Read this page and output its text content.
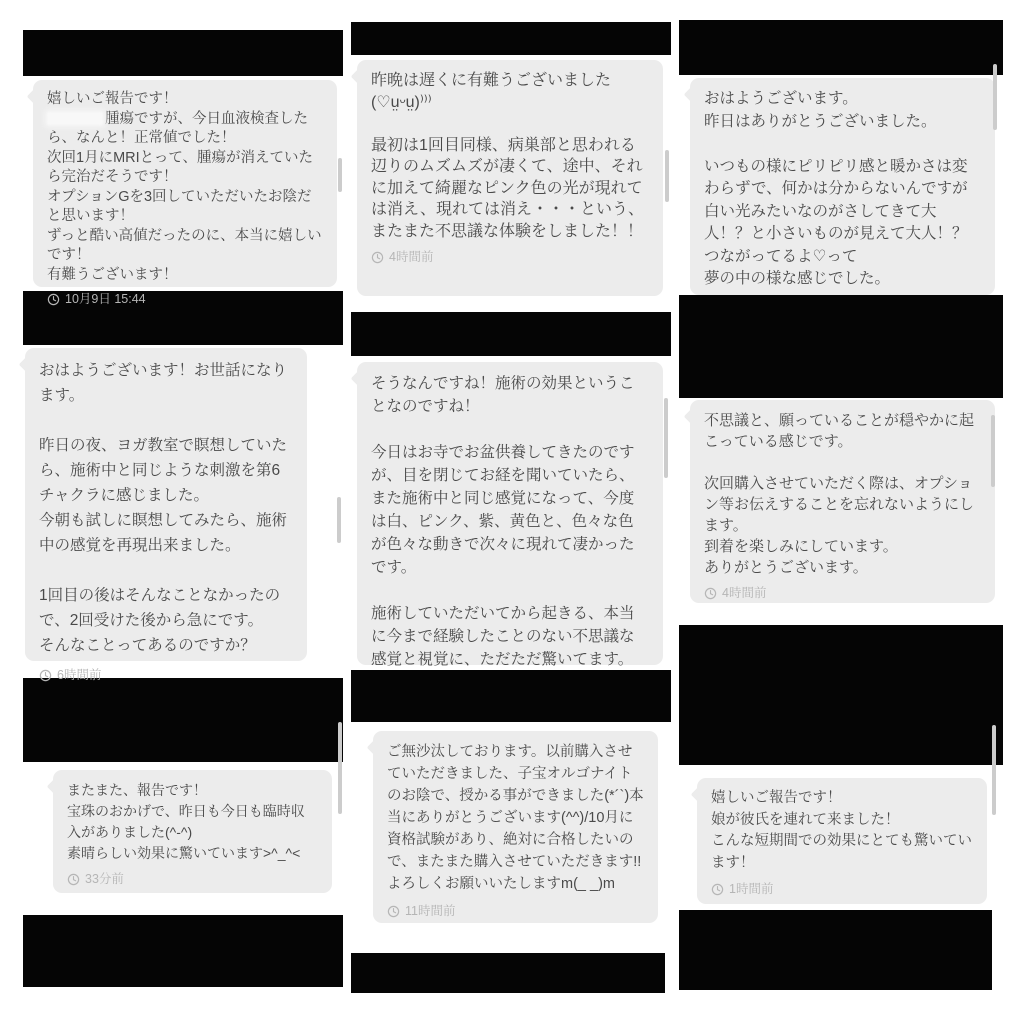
嬉しいご報告です！
腫瘍ですが、今日血液検査したら、なんと！正常値でした！
次回1月にMRIとって、腫瘍が消えていたら完治だそうです！
オプションGを3回していただいたお陰だと思います！
ずっと酷い高値だったのに、本当に嬉しいです！
有難うございます！
10月9日 15:44
おはようございます！お世話になります。
昨日の夜、ヨガ教室で瞑想していたら、施術中と同じような刺激を第6チャクラに感じました。
今朝も試しに瞑想してみたら、施術中の感覚を再現出来ました。
1回目の後はそんなことなかったので、2回受けた後から急にです。
そんなことってあるのですか？
6時間前
またまた、報告です！
宝珠のおかげで、昨日も今日も臨時収入がありました(^-^)
素晴らしい効果に驚いています>^_^<
33分前
昨晩は遅くに有難うございました
(♡ṳᵕṳ)⁾⁾⁾
最初は1回目同様、病巣部と思われる辺りのムズムズが凄くて、途中、それに加えて綺麗なピンク色の光が現れては消え、現れては消え・・・という、またまた不思議な体験をしました！！
4時間前
そうなんですね！施術の効果ということなのですね！
今日はお寺でお盆供養してきたのですが、目を閉じてお経を聞いていたら、また施術中と同じ感覚になって、今度は白、ピンク、紫、黄色と、色々な色が色々な動きで次々に現れて凄かったです。
施術していただいてから起きる、本当に今まで経験したことのない不思議な感覚と視覚に、ただただ驚いてます。
ご無沙汰しております。以前購入させていただきました、子宝オルゴナイトのお陰で、授かる事ができました(*´`)本当にありがとうございます(^^)/10月に資格試験があり、絶対に合格したいので、またまた購入させていただきます!!よろしくお願いいたしますm(_ _)m
11時間前
おはようございます。
昨日はありがとうございました。
いつもの様にピリピリ感と暖かさは変わらずで、何かは分からないんですが白い光みたいなのがさしてきて大人！？と小さいものが見えて大人！？つながってるよ♡って
夢の中の様な感じでした。
不思議と、願っていることが穏やかに起こっている感じです。
次回購入させていただく際は、オプション等お伝えすることを忘れないようにします。
到着を楽しみにしています。
ありがとうございます。
4時間前
嬉しいご報告です！
娘が彼氏を連れて来ました！
こんな短期間での効果にとても驚いています！
1時間前
